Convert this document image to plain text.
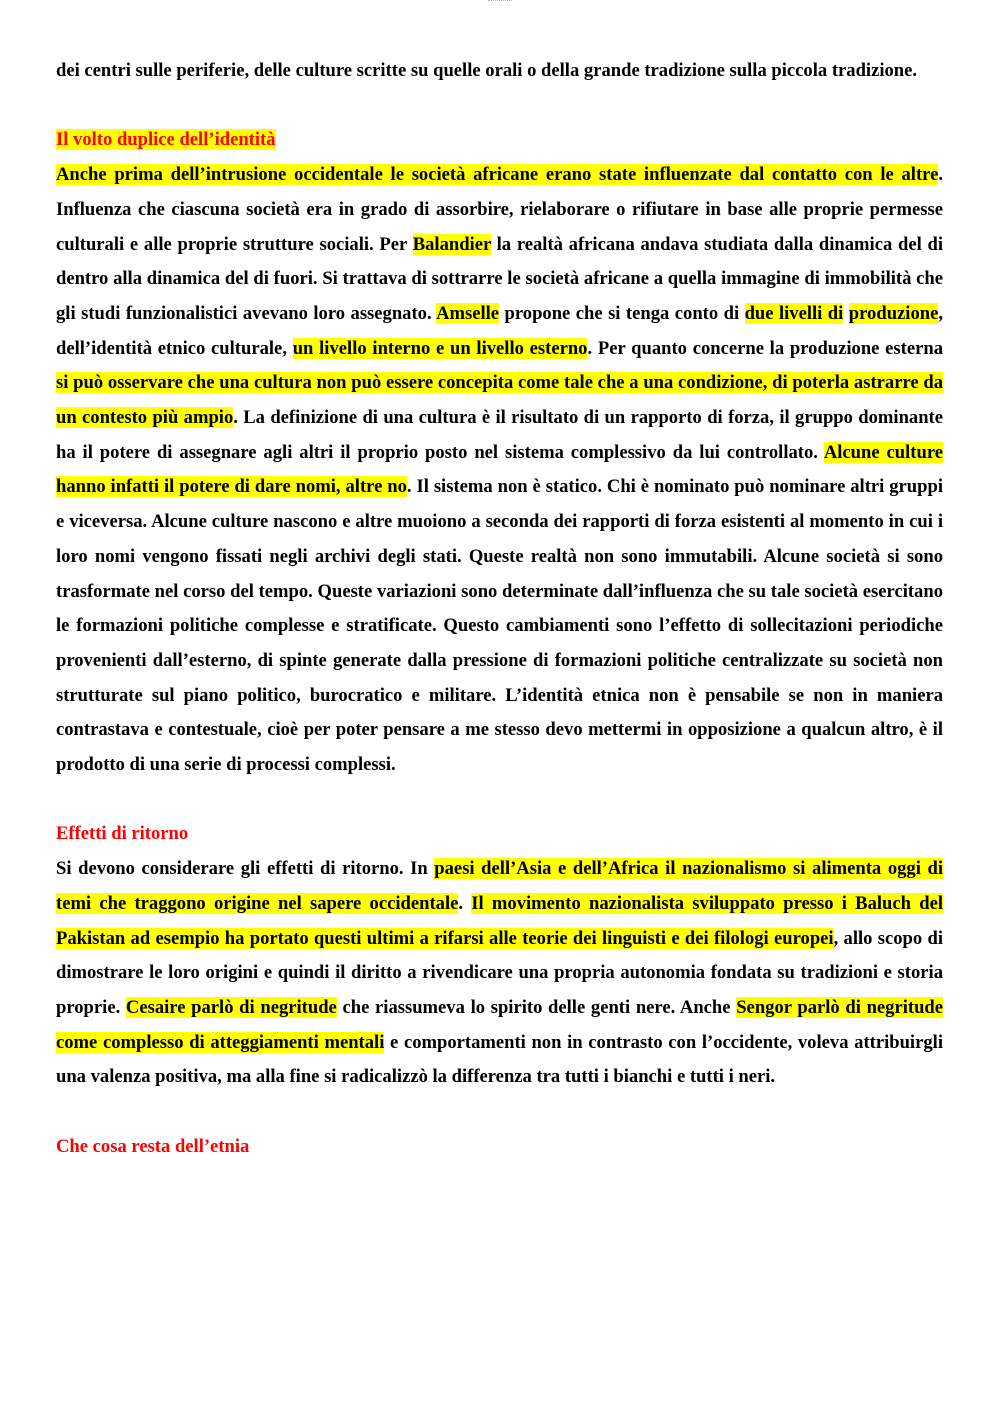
dei centri sulle periferie, delle culture scritte su quelle orali o della grande tradizione sulla piccola tradizione.

Il volto duplice dell’identità

Anche prima dell’intrusione occidentale le società africane erano state influenzate dal contatto con le altre. Influenza che ciascuna società era in grado di assorbire, rielaborare o rifiutare in base alle proprie permesse culturali e alle proprie strutture sociali. Per Balandier la realtà africana andava studiata dalla dinamica del di dentro alla dinamica del di fuori. Si trattava di sottrarre le società africane a quella immagine di immobilità che gli studi funzionalistici avevano loro assegnato. Amselle propone che si tenga conto di due livelli di produzione, dell’identità etnico culturale, un livello interno e un livello esterno. Per quanto concerne la produzione esterna si può osservare che una cultura non può essere concepita come tale che a una condizione, di poterla astrarre da un contesto più ampio. La definizione di una cultura è il risultato di un rapporto di forza, il gruppo dominante ha il potere di assegnare agli altri il proprio posto nel sistema complessivo da lui controllato. Alcune culture hanno infatti il potere di dare nomi, altre no. Il sistema non è statico. Chi è nominato può nominare altri gruppi e viceversa. Alcune culture nascono e altre muoiono a seconda dei rapporti di forza esistenti al momento in cui i loro nomi vengono fissati negli archivi degli stati. Queste realtà non sono immutabili. Alcune società si sono trasformate nel corso del tempo. Queste variazioni sono determinate dall’influenza che su tale società esercitano le formazioni politiche complesse e stratificate. Questo cambiamenti sono l’effetto di sollecitazioni periodiche provenienti dall’esterno, di spinte generate dalla pressione di formazioni politiche centralizzate su società non strutturate sul piano politico, burocratico e militare. L’identità etnica non è pensabile se non in maniera contrastava e contestuale, cioè per poter pensare a me stesso devo mettermi in opposizione a qualcun altro, è il prodotto di una serie di processi complessi.

Effetti di ritorno

Si devono considerare gli effetti di ritorno. In paesi dell’Asia e dell’Africa il nazionalismo si alimenta oggi di temi che traggono origine nel sapere occidentale. Il movimento nazionalista sviluppato presso i Baluch del Pakistan ad esempio ha portato questi ultimi a rifarsi alle teorie dei linguisti e dei filologi europei, allo scopo di dimostrare le loro origini e quindi il diritto a rivendicare una propria autonomia fondata su tradizioni e storia proprie. Cesaire parlò di negritude che riassumeva lo spirito delle genti nere. Anche Sengor parlò di negritude come complesso di atteggiamenti mentali e comportamenti non in contrasto con l’occidente, voleva attribuirgli una valenza positiva, ma alla fine si radicalizzò la differenza tra tutti i bianchi e tutti i neri.

Che cosa resta dell’etnia
